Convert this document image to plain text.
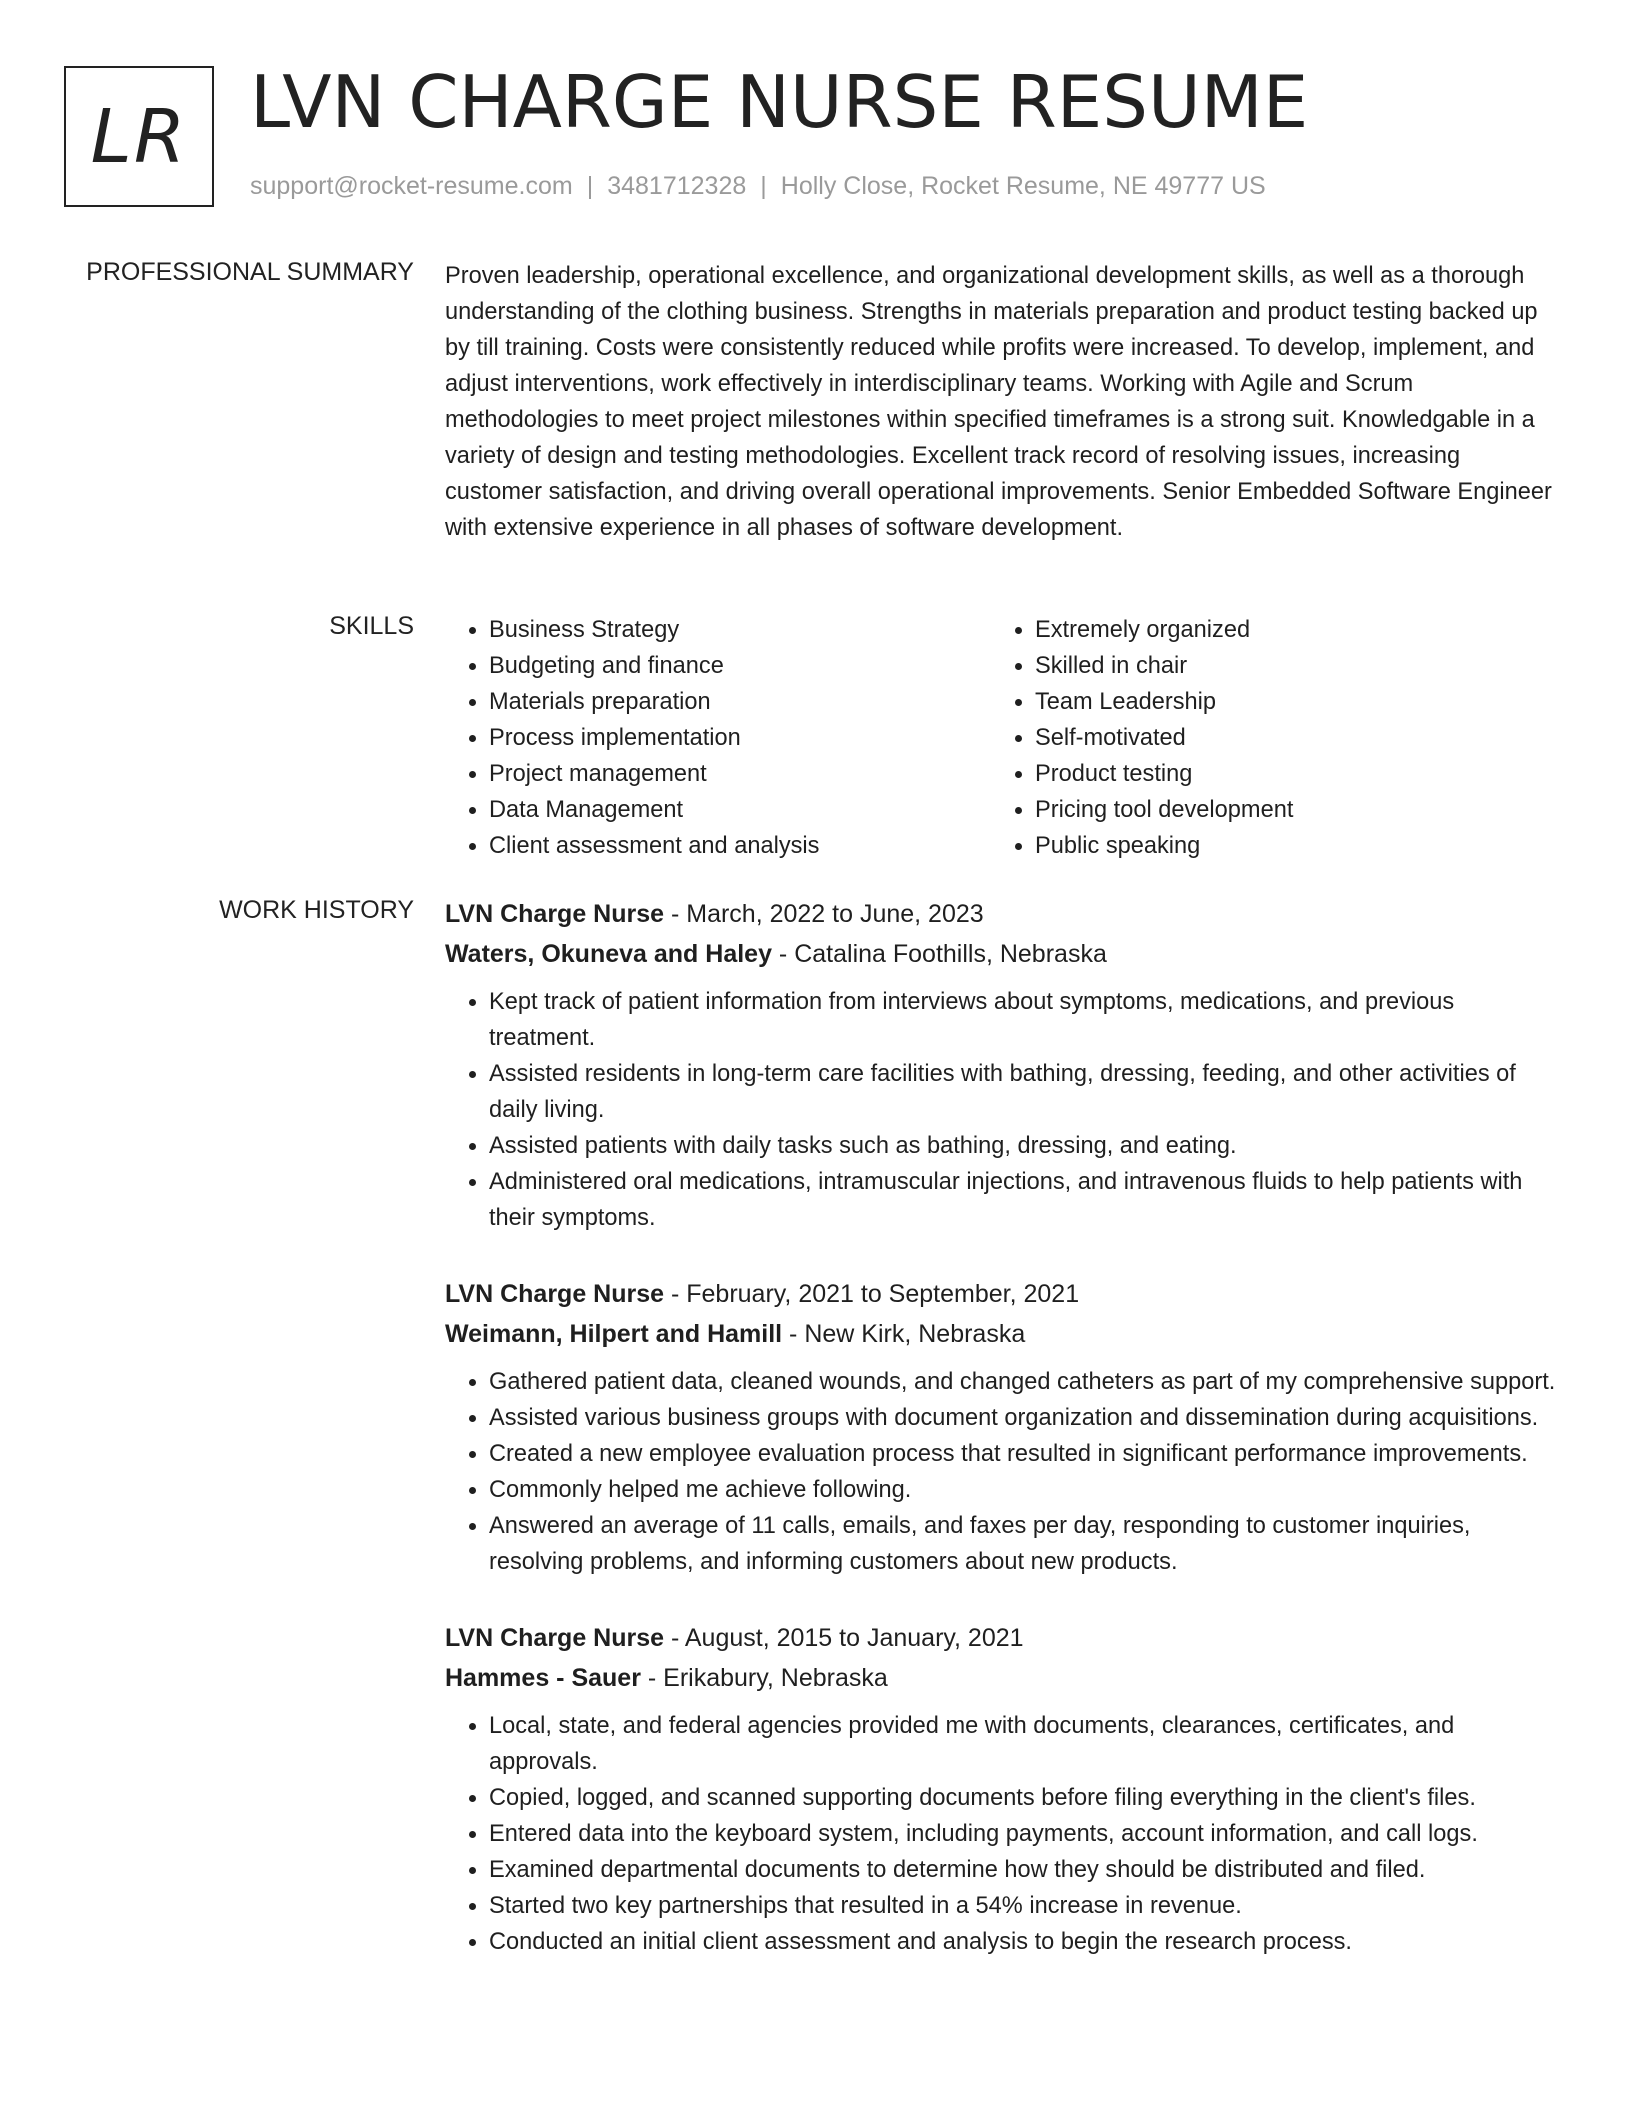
LR LVN CHARGE NURSE RESUME
support@rocket-resume.com | 3481712328 | Holly Close, Rocket Resume, NE 49777 US
PROFESSIONAL SUMMARY Proven leadership, operational excellence, and organizational development skills, as well as a thorough understanding of the clothing business. Strengths in materials preparation and product testing backed up by till training. Costs were consistently reduced while profits were increased. To develop, implement, and adjust interventions, work effectively in interdisciplinary teams. Working with Agile and Scrum methodologies to meet project milestones within specified timeframes is a strong suit. Knowledgable in a variety of design and testing methodologies. Excellent track record of resolving issues, increasing customer satisfaction, and driving overall operational improvements. Senior Embedded Software Engineer with extensive experience in all phases of software development.

SKILLS
•	Business Strategy
• Budgeting and finance
• Materials preparation
• Process implementation
• Project management
• Data Management
• Client assessment and analysis
• Extremely organized
• Skilled in chair
• Team Leadership
• Self-motivated
• Product testing
• Pricing tool development
• Public speaking
WORK HISTORY LVN Charge Nurse - March, 2022 to June, 2023
Waters, Okuneva and Haley - Catalina Foothills, Nebraska
• Kept track of patient information from interviews about symptoms, medications, and previous treatment.
• Assisted residents in long-term care facilities with bathing, dressing, feeding, and other activities of daily living.
• Assisted patients with daily tasks such as bathing, dressing, and eating.
• Administered oral medications, intramuscular injections, and intravenous fluids to help patients with their symptoms.
LVN Charge Nurse - February, 2021 to September, 2021
Weimann, Hilpert and Hamill - New Kirk, Nebraska
• Gathered patient data, cleaned wounds, and changed catheters as part of my comprehensive support.
• Assisted various business groups with document organization and dissemination during acquisitions.
• Created a new employee evaluation process that resulted in significant performance improvements.
• Commonly helped me achieve following.
• Answered an average of 11 calls, emails, and faxes per day, responding to customer inquiries, resolving problems, and informing customers about new products.
LVN Charge Nurse - August, 2015 to January, 2021
Hammes - Sauer - Erikabury, Nebraska
• Local, state, and federal agencies provided me with documents, clearances, certificates, and approvals.
• Copied, logged, and scanned supporting documents before filing everything in the client's files.
• Entered data into the keyboard system, including payments, account information, and call logs.
• Examined departmental documents to determine how they should be distributed and filed.
• Started two key partnerships that resulted in a 54% increase in revenue.
• Conducted an initial client assessment and analysis to begin the research process.
